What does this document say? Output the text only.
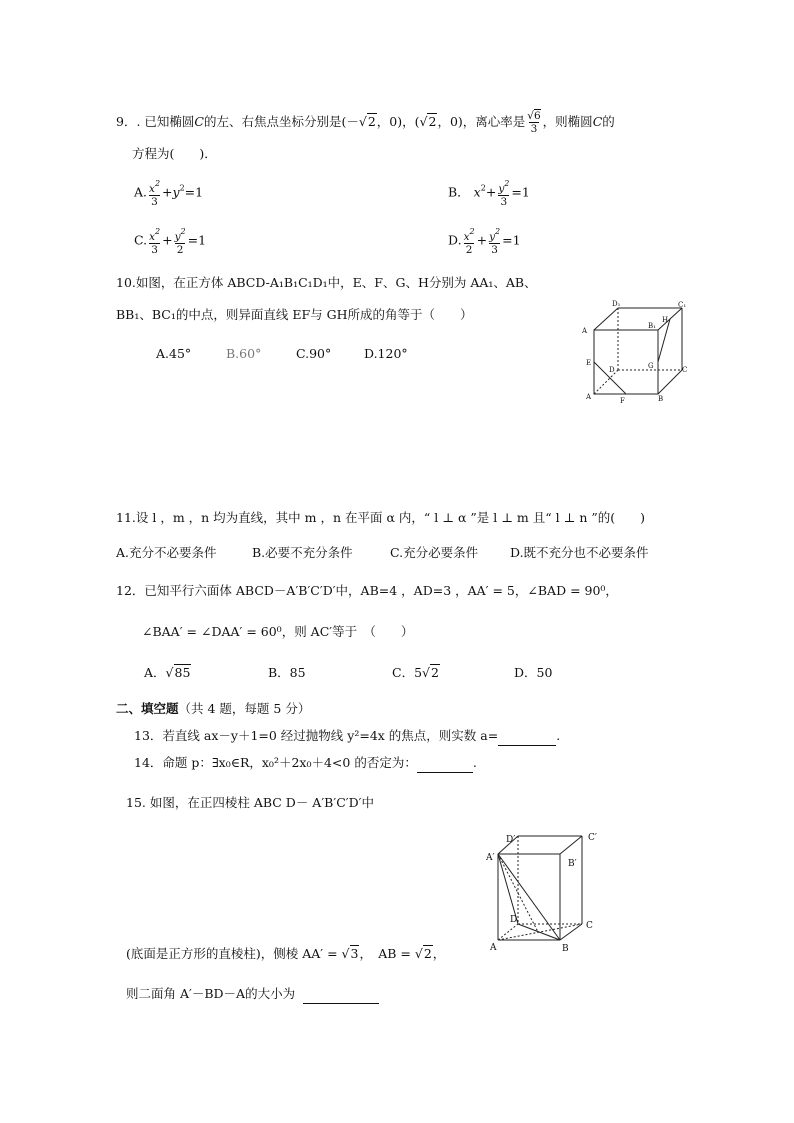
9．. 已知椭圆C的左、右焦点坐标分别是(－√2，0)，(√2，0)，离心率是 $\frac{√6}{3}$ ，则椭圆C的
方程为(　　)．
A. $\frac{x^2}{3} +y^2=1$	B． $x^2+ \frac{y^2}{3} =1$
C. $\frac{x^2}{3} + \frac{y^2}{2} =1$	D. $\frac{x^2}{2} + \frac{y^2}{3} =1$
10.如图，在正方体 ABCD-A₁B₁C₁D₁中，E、F、G、H分别为 AA₁、AB、
BB₁、BC₁的中点，则异面直线 EF与 GH所成的角等于（　　）
A.45°	B.60°	C.90°	D.120°
D₁	C₁
A
B₁
H
E	G
D	C
A	F	B
11.设 l ，m ，n 均为直线，其中 m ，n 在平面 α 内，“ l ⊥ α ”是 l ⊥ m 且“ l ⊥ n ”的(　　)
A.充分不必要条件	B.必要不充分条件	C.充分必要条件	D.既不充分也不必要条件
12．已知平行六面体 ABCD－A′B′C′D′中，AB=4 ，AD=3 ，AA′ = 5，∠BAD = 90⁰，
∠BAA′ = ∠DAA′ = 60⁰，则 AC′等于　（　　）
A．√85	B．85	C．5√2	D．50
二、填空题（共 4 题，每题 5 分）
13．若直线 ax－y＋1=0 经过抛物线 y²=4x 的焦点，则实数 a=	.
14．命题 p：∃x₀∈R，x₀²＋2x₀＋4<0 的否定为：	.
15. 如图，在正四棱柱 ABC D－ A′B′C′D′中
D′	C′
A′
B′
D
C
A	B
(底面是正方形的直棱柱)，侧棱 AA′ = √3，　AB = √2，
则二面角 A′－BD－A的大小为
